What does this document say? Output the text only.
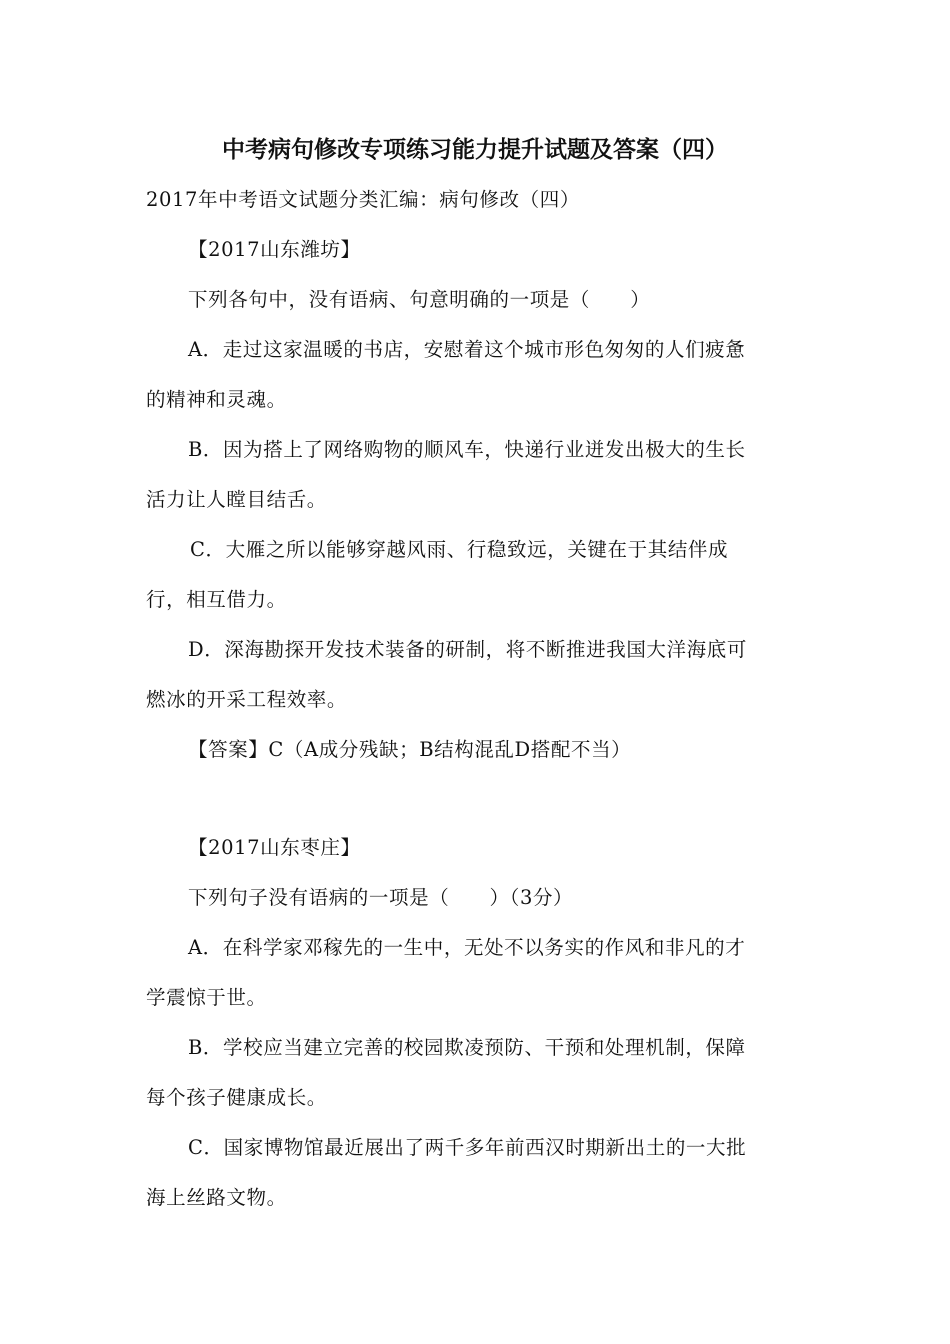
中考病句修改专项练习能力提升试题及答案（四）
2017年中考语文试题分类汇编：病句修改（四）
【2017山东潍坊】
下列各句中，没有语病、句意明确的一项是（　　）
A．走过这家温暖的书店，安慰着这个城市形色匆匆的人们疲惫
的精神和灵魂。
B．因为搭上了网络购物的顺风车，快递行业迸发出极大的生长
活力让人瞠目结舌。
C．大雁之所以能够穿越风雨、行稳致远，关键在于其结伴成
行，相互借力。
D．深海勘探开发技术装备的研制，将不断推进我国大洋海底可
燃冰的开采工程效率。
【答案】C（A成分残缺；B结构混乱D搭配不当）
【2017山东枣庄】
下列句子没有语病的一项是（　　）（3分）
A．在科学家邓稼先的一生中，无处不以务实的作风和非凡的才
学震惊于世。
B．学校应当建立完善的校园欺凌预防、干预和处理机制，保障
每个孩子健康成长。
C．国家博物馆最近展出了两千多年前西汉时期新出土的一大批
海上丝路文物。
